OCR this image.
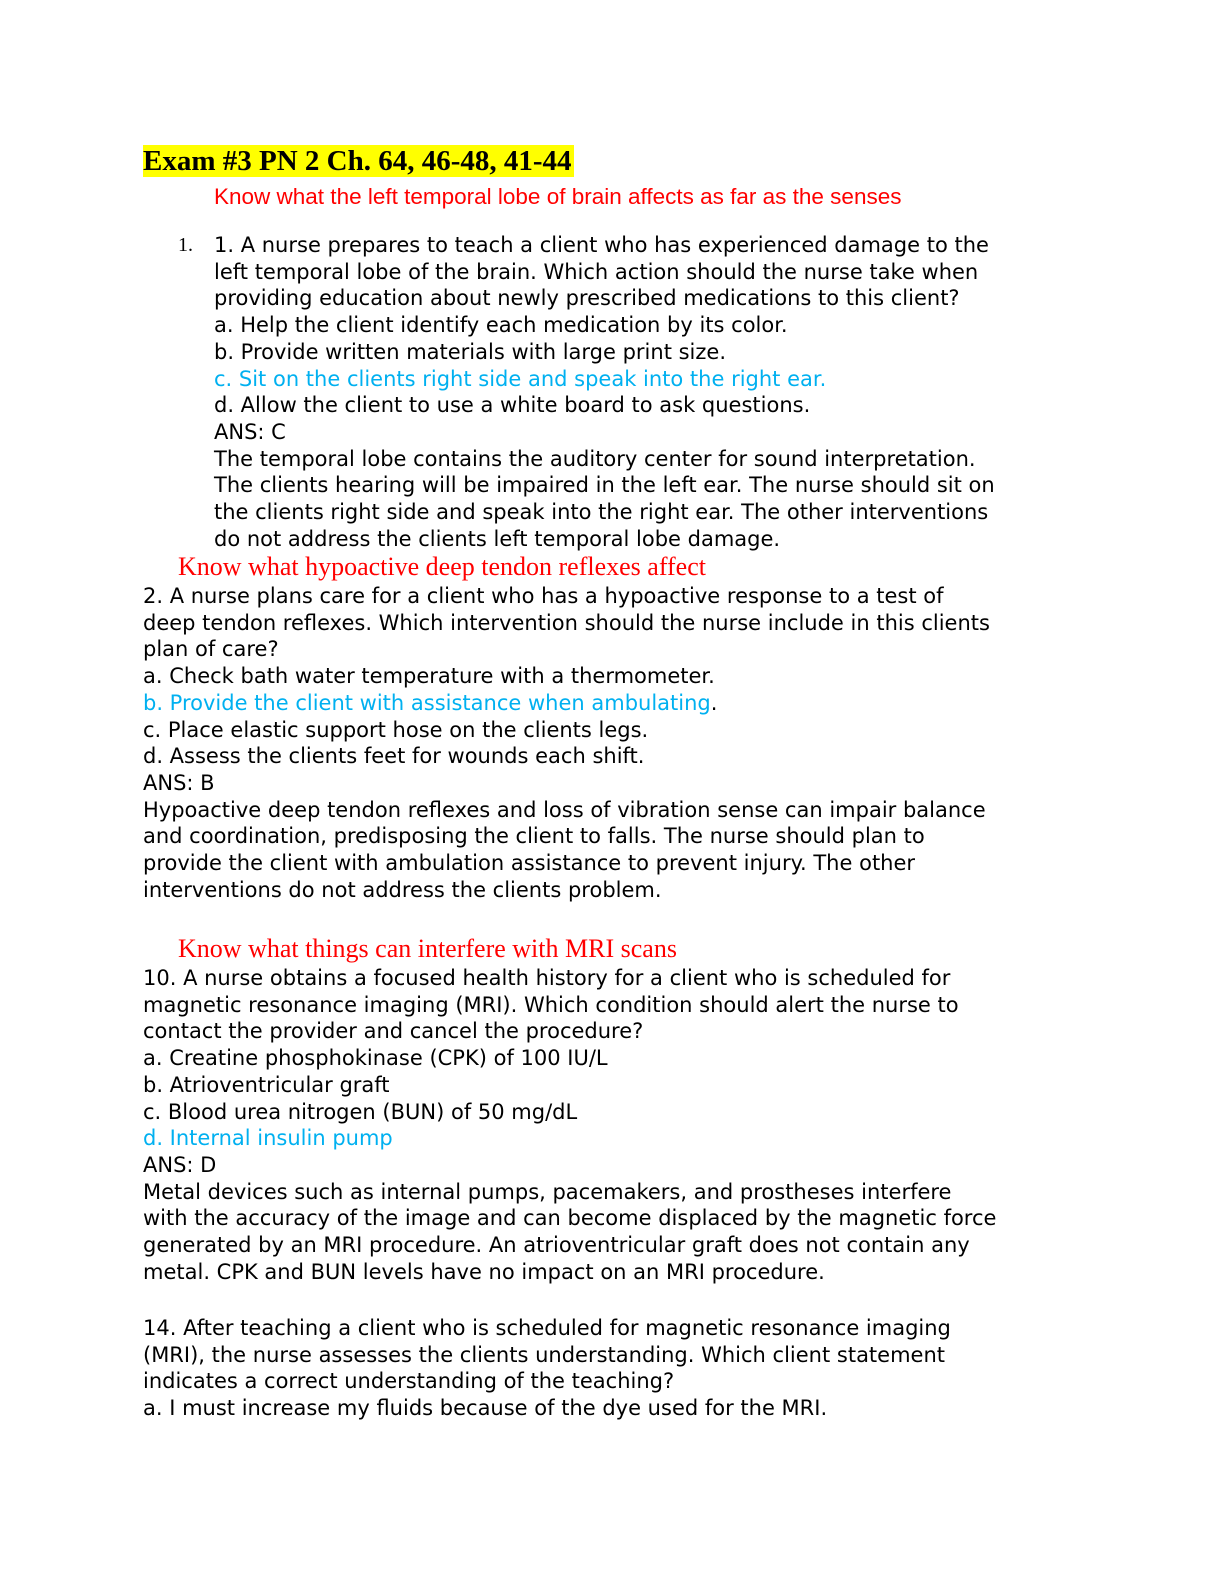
Exam #3 PN 2 Ch. 64, 46-48, 41-44

Know what the left temporal lobe of brain affects as far as the senses

1. 1. A nurse prepares to teach a client who has experienced damage to the
left temporal lobe of the brain. Which action should the nurse take when
providing education about newly prescribed medications to this client?
a. Help the client identify each medication by its color.
b. Provide written materials with large print size.
c. Sit on the clients right side and speak into the right ear.
d. Allow the client to use a white board to ask questions.
ANS: C
The temporal lobe contains the auditory center for sound interpretation.
The clients hearing will be impaired in the left ear. The nurse should sit on
the clients right side and speak into the right ear. The other interventions
do not address the clients left temporal lobe damage.

Know what hypoactive deep tendon reflexes affect

2. A nurse plans care for a client who has a hypoactive response to a test of
deep tendon reflexes. Which intervention should the nurse include in this clients
plan of care?
a. Check bath water temperature with a thermometer.
b. Provide the client with assistance when ambulating.
c. Place elastic support hose on the clients legs.
d. Assess the clients feet for wounds each shift.
ANS: B
Hypoactive deep tendon reflexes and loss of vibration sense can impair balance
and coordination, predisposing the client to falls. The nurse should plan to
provide the client with ambulation assistance to prevent injury. The other
interventions do not address the clients problem.

Know what things can interfere with MRI scans

10. A nurse obtains a focused health history for a client who is scheduled for
magnetic resonance imaging (MRI). Which condition should alert the nurse to
contact the provider and cancel the procedure?
a. Creatine phosphokinase (CPK) of 100 IU/L
b. Atrioventricular graft
c. Blood urea nitrogen (BUN) of 50 mg/dL
d. Internal insulin pump
ANS: D
Metal devices such as internal pumps, pacemakers, and prostheses interfere
with the accuracy of the image and can become displaced by the magnetic force
generated by an MRI procedure. An atrioventricular graft does not contain any
metal. CPK and BUN levels have no impact on an MRI procedure.
14. After teaching a client who is scheduled for magnetic resonance imaging
(MRI), the nurse assesses the clients understanding. Which client statement
indicates a correct understanding of the teaching?
a. I must increase my fluids because of the dye used for the MRI.
